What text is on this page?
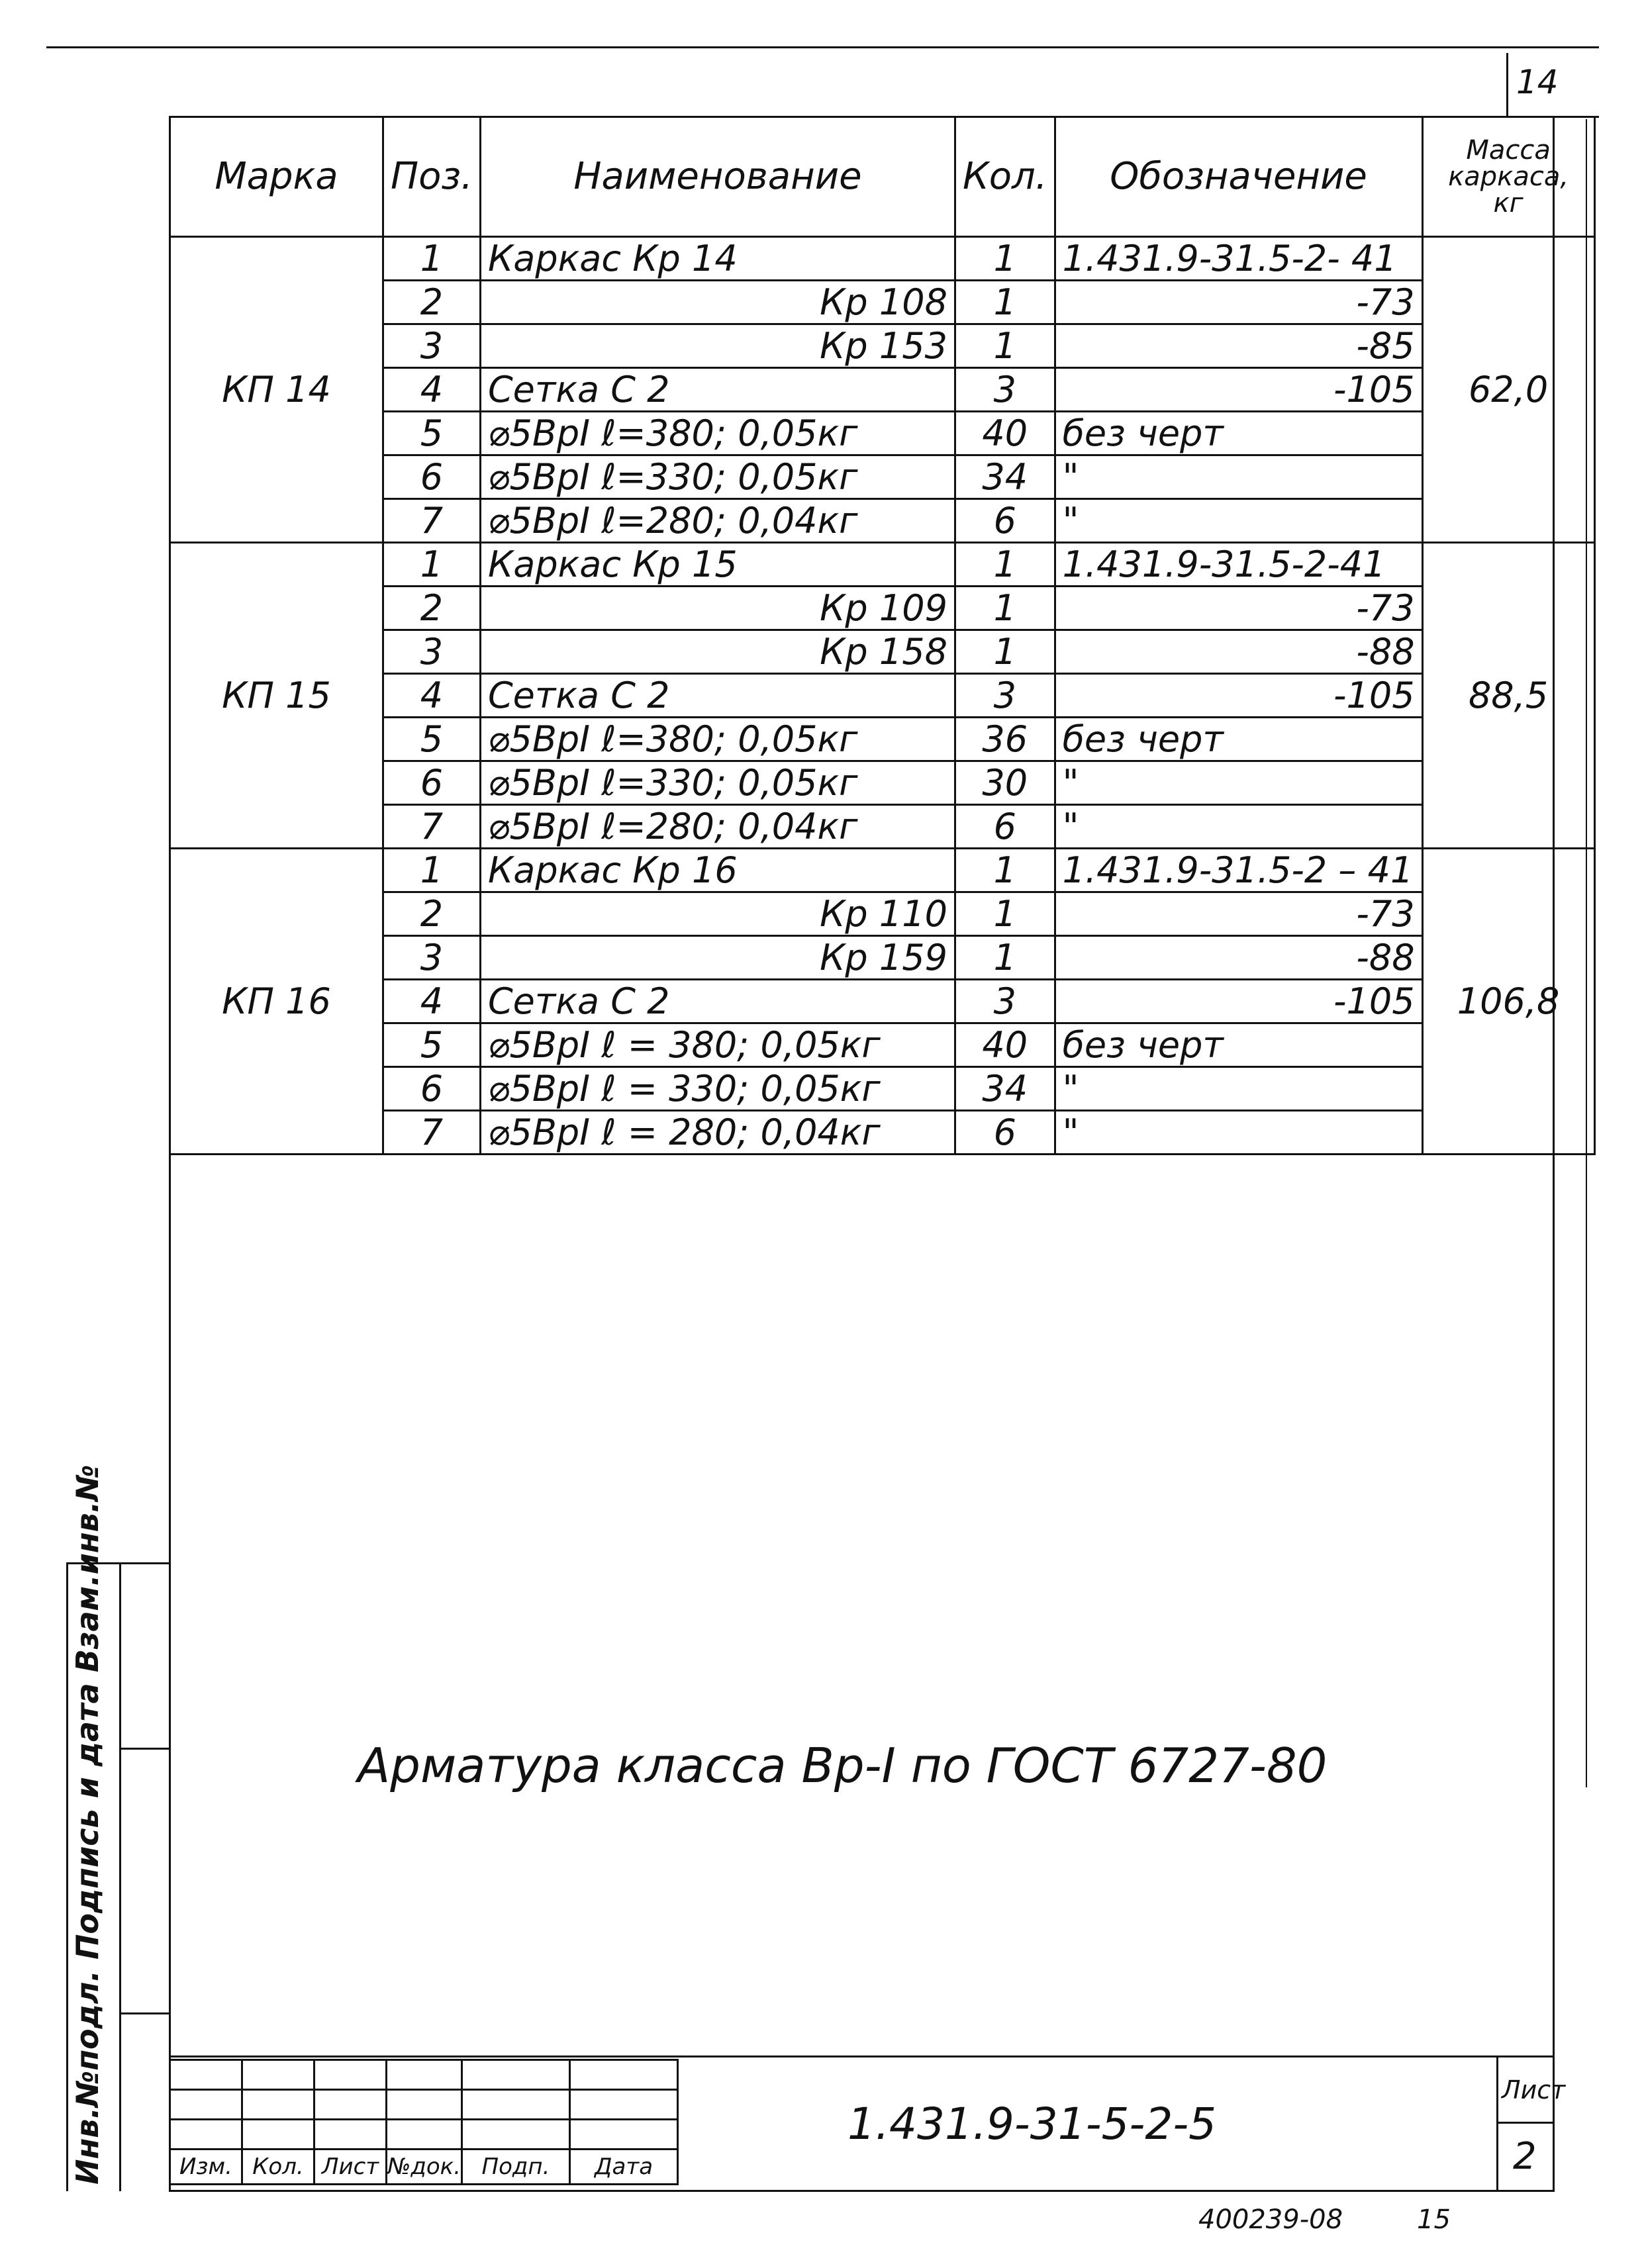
14
Инв.№подл. Подпись и дата Взам.инв.№
Марка	Поз.	Наименование	Кол.	Обозначение	Масса каркаса, кг
КП 14	1	Каркас Кр 14	1	1.431.9-31.5-2- 41	62,0
	2	Кр 108	1	-73	
	3	Кр 153	1	-85	
	4	Сетка С 2	3	-105	
	5	⌀5ВрI ℓ=380; 0,05кг	40	без черт	
	6	⌀5ВрI ℓ=330; 0,05кг	34	"	
	7	⌀5ВрI ℓ=280; 0,04кг	6	"	
КП 15	1	Каркас Кр 15	1	1.431.9-31.5-2-41	88,5
	2	Кр 109	1	-73	
	3	Кр 158	1	-88	
	4	Сетка С 2	3	-105	
	5	⌀5ВрI ℓ=380; 0,05кг	36	без черт	
	6	⌀5ВрI ℓ=330; 0,05кг	30	"	
	7	⌀5ВрI ℓ=280; 0,04кг	6	"	
КП 16	1	Каркас Кр 16	1	1.431.9-31.5-2 – 41	106,8
	2	Кр 110	1	-73	
	3	Кр 159	1	-88	
	4	Сетка С 2	3	-105	
	5	⌀5ВрI ℓ = 380; 0,05кг	40	без черт	
	6	⌀5ВрI ℓ = 330; 0,05кг	34	"	
	7	⌀5ВрI ℓ = 280; 0,04кг	6	"	
Арматура класса Вр-I по ГОСТ 6727-80

Изм.	Кол.	Лист	№док.	Подп.	Дата
1.431.9-31-5-2-5
Лист
2
400239-08	15
